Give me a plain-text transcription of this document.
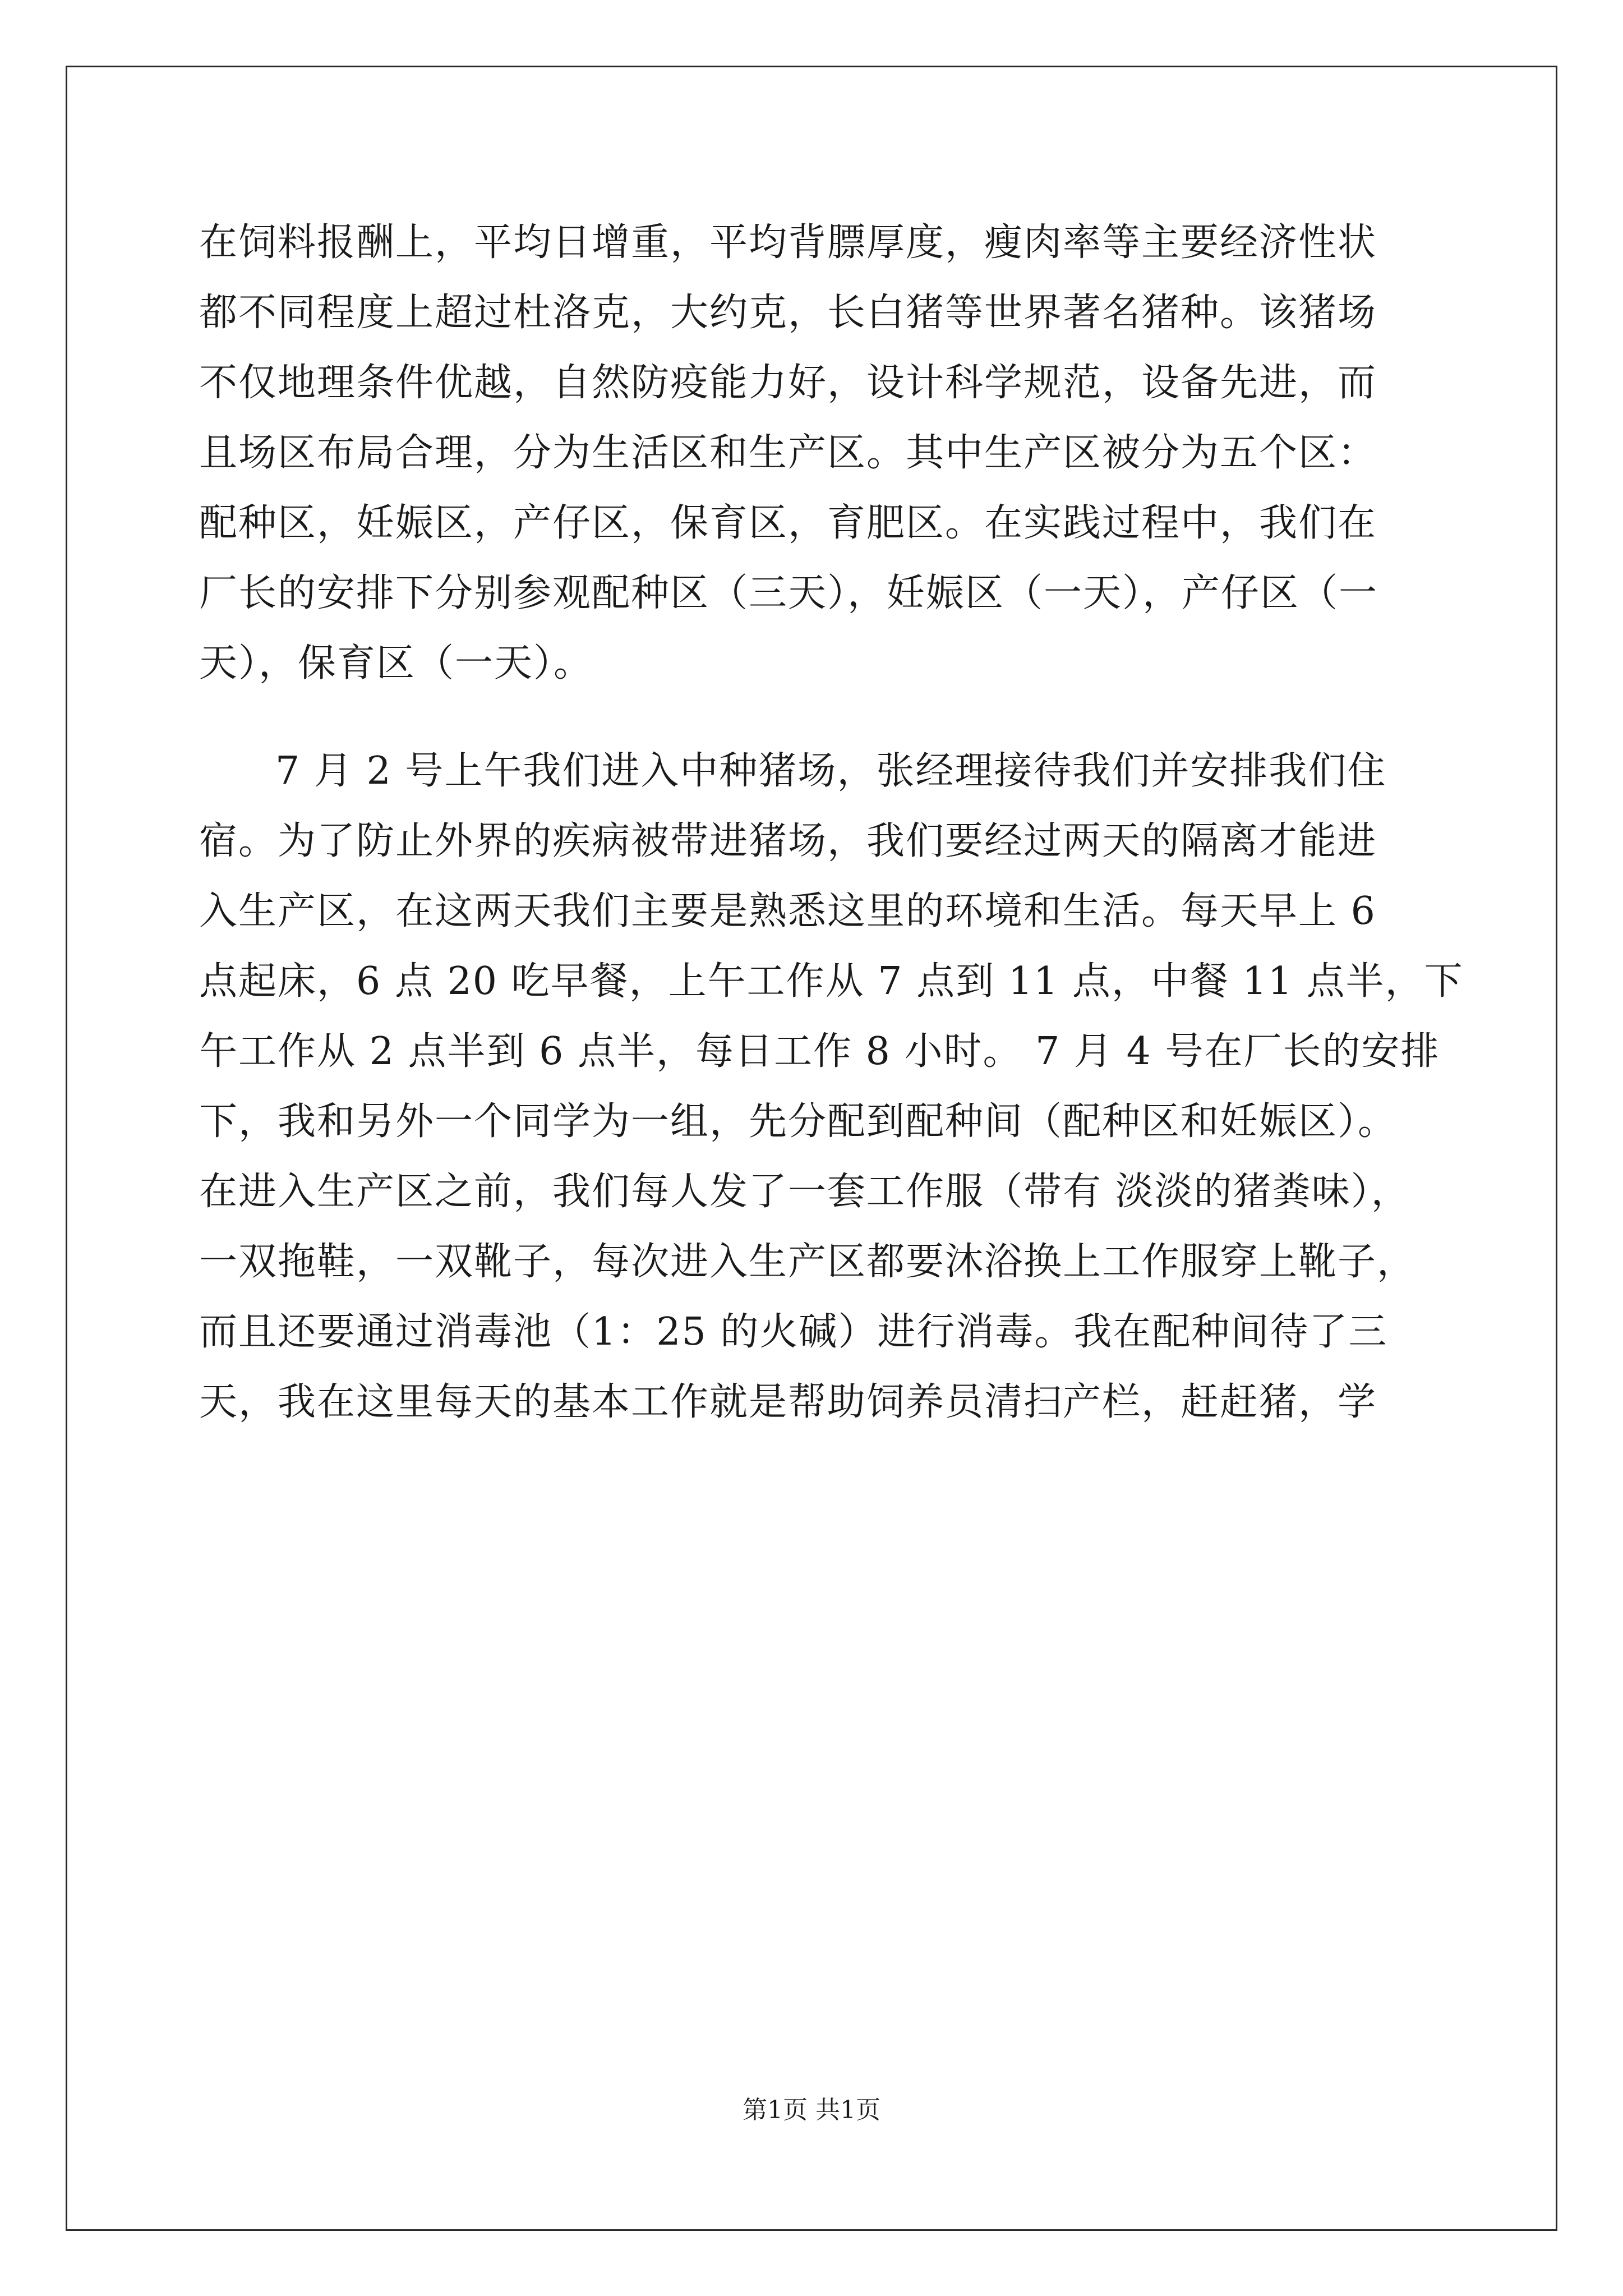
在饲料报酬上，平均日增重，平均背膘厚度，瘦肉率等主要经济性状
都不同程度上超过杜洛克，大约克，长白猪等世界著名猪种。该猪场
不仅地理条件优越，自然防疫能力好，设计科学规范，设备先进，而
且场区布局合理，分为生活区和生产区。其中生产区被分为五个区：
配种区，妊娠区，产仔区，保育区，育肥区。在实践过程中，我们在
厂长的安排下分别参观配种区（三天），妊娠区（一天），产仔区（一
天），保育区（一天）。
7 月 2 号上午我们进入中种猪场，张经理接待我们并安排我们住
宿。为了防止外界的疾病被带进猪场，我们要经过两天的隔离才能进
入生产区，在这两天我们主要是熟悉这里的环境和生活。每天早上 6
点起床，6 点 20 吃早餐，上午工作从 7 点到 11 点，中餐 11 点半，下
午工作从 2 点半到 6 点半，每日工作 8 小时。 7 月 4 号在厂长的安排
下，我和另外一个同学为一组，先分配到配种间（配种区和妊娠区）。
在进入生产区之前，我们每人发了一套工作服（带有 淡淡的猪粪味），
一双拖鞋，一双靴子，每次进入生产区都要沐浴换上工作服穿上靴子，
而且还要通过消毒池（1：25 的火碱）进行消毒。我在配种间待了三
天，我在这里每天的基本工作就是帮助饲养员清扫产栏，赶赶猪，学
第1页 共1页
